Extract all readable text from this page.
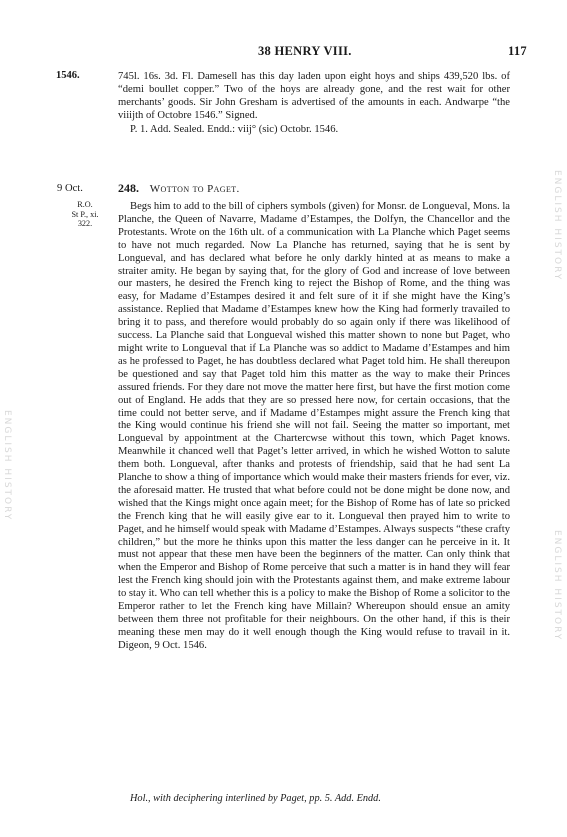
38 HENRY VIII.	117
1546.	745l. 16s. 3d. Fl. Damesell has this day laden upon eight hoys and ships 439,520 lbs. of “demi boullet copper.” Two of the hoys are already gone, and the rest wait for other merchants’ goods. Sir John Gresham is advertised of the amounts in each. Andwarpe “the viiijth of Octobre 1546.” Signed.

P. 1. Add. Sealed. Endd.: viij° (sic) Octobr. 1546.

9 Oct.	248. Wotton to Paget.
R.O.
St P., xi.
322.

Begs him to add to the bill of ciphers symbols (given) for Monsr. de Longueval, Mons. la Planche, the Queen of Navarre, Madame d’Estampes, the Dolfyn, the Chancellor and the Protestants. Wrote on the 16th ult. of a communication with La Planche which Paget seems to have not much regarded. Now La Planche has returned, saying that he is sent by Longueval, and has declared what before he only darkly hinted at as means to make a straiter amity. He began by saying that, for the glory of God and increase of love between our masters, he desired the French king to reject the Bishop of Rome, and the thing was easy, for Madame d’Estampes desired it and felt sure of it if she might have the King’s assistance. Replied that Madame d’Estampes knew how the King had formerly travailed to bring it to pass, and therefore would probably do so again only if there was likelihood of success. La Planche said that Longueval wished this matter shown to none but Paget, who might write to Longueval that if La Planche was so addict to Madame d’Estampes and him as he professed to Paget, he has doubtless declared what Paget told him. He shall thereupon be questioned and say that Paget told him this matter as the way to make their Princes assured friends. For they dare not move the matter here first, but have the first motion come out of England. He adds that they are so pressed here now, for certain occasions, that the time could not better serve, and if Madame d’Estampes might assure the French king that the King would continue his friend she will not fail. Seeing the matter so important, met Longueval by appointment at the Chartercwse without this town, which Paget knows. Meanwhile it chanced well that Paget’s letter arrived, in which he wished Wotton to salute them both. Longueval, after thanks and protests of friendship, said that he had sent La Planche to show a thing of importance which would make their masters friends for ever, viz. the aforesaid matter. He trusted that what before could not be done might be done now, and wished that the Kings might once again meet; for the Bishop of Rome has of late so pricked the French king that he will easily give ear to it. Longueval then prayed him to write to Paget, and he himself would speak with Madame d’Estampes. Always suspects “these crafty children,” but the more he thinks upon this matter the less danger can he perceive in it. It must not appear that these men have been the beginners of the matter. Can only think that when the Emperor and Bishop of Rome perceive that such a matter is in hand they will fear lest the French king should join with the Protestants against them, and make extreme labour to stay it. Who can tell whether this is a policy to make the Bishop of Rome a solicitor to the Emperor rather to let the French king have Millain? Whereupon should ensue an amity between them three not profitable for their neighbours. On the other hand, if this is their meaning these men may do it well enough though the King would refuse to travail in it. Digeon, 9 Oct. 1546.

Hol., with deciphering interlined by Paget, pp. 5. Add. Endd.
ENGLISH HISTORY
ENGLISH HISTORY
ENGLISH HISTORY
